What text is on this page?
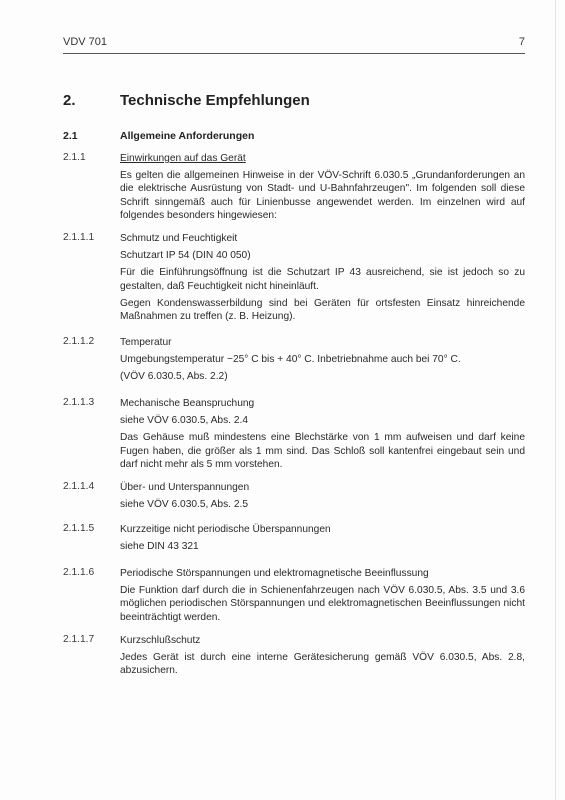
VDV 701	7
2.	Technische Empfehlungen
2.1	Allgemeine Anforderungen
2.1.1	Einwirkungen auf das Gerät
Es gelten die allgemeinen Hinweise in der VÖV-Schrift 6.030.5 „Grundanforderungen an die elektrische Ausrüstung von Stadt- und U-Bahnfahrzeugen". Im folgenden soll diese Schrift sinngemäß auch für Linienbusse angewendet werden. Im einzelnen wird auf folgendes besonders hingewiesen:
2.1.1.1	Schmutz und Feuchtigkeit
Schutzart IP 54 (DIN 40 050)
Für die Einführungsöffnung ist die Schutzart IP 43 ausreichend, sie ist jedoch so zu gestalten, daß Feuchtigkeit nicht hineinläuft.
Gegen Kondenswasserbildung sind bei Geräten für ortsfesten Einsatz hinreichende Maßnahmen zu treffen (z. B. Heizung).
2.1.1.2	Temperatur
Umgebungstemperatur −25° C bis + 40° C. Inbetriebnahme auch bei 70° C.
(VÖV 6.030.5, Abs. 2.2)
2.1.1.3	Mechanische Beanspruchung
siehe VÖV 6.030.5, Abs. 2.4
Das Gehäuse muß mindestens eine Blechstärke von 1 mm aufweisen und darf keine Fugen haben, die größer als 1 mm sind. Das Schloß soll kantenfrei eingebaut sein und darf nicht mehr als 5 mm vorstehen.
2.1.1.4	Über- und Unterspannungen
siehe VÖV 6.030.5, Abs. 2.5
2.1.1.5	Kurzzeitige nicht periodische Überspannungen
siehe DIN 43 321
2.1.1.6	Periodische Störspannungen und elektromagnetische Beeinflussung
Die Funktion darf durch die in Schienenfahrzeugen nach VÖV 6.030.5, Abs. 3.5 und 3.6 möglichen periodischen Störspannungen und elektromagnetischen Beeinflussungen nicht beeinträchtigt werden.
2.1.1.7	Kurzschlußschutz
Jedes Gerät ist durch eine interne Gerätesicherung gemäß VÖV 6.030.5, Abs. 2.8, abzusichern.
